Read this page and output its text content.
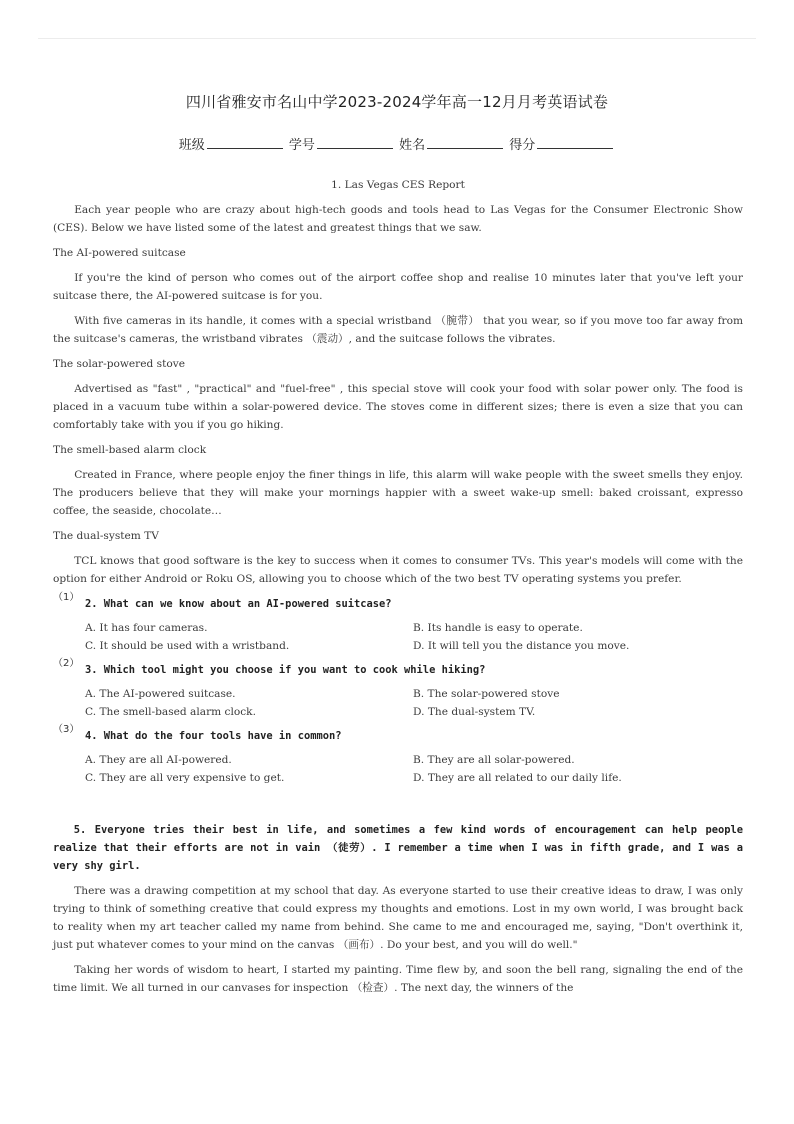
四川省雅安市名山中学2023-2024学年高一12月月考英语试卷
班级	学号	姓名	得分
1. Las Vegas CES Report
Each year people who are crazy about high-tech goods and tools head to Las Vegas for the Consumer Electronic Show (CES). Below we have listed some of the latest and greatest things that we saw.
The AI-powered suitcase
If you're the kind of person who comes out of the airport coffee shop and realise 10 minutes later that you've left your suitcase there, the AI-powered suitcase is for you.
With five cameras in its handle, it comes with a special wristband （腕带） that you wear, so if you move too far away from the suitcase's cameras, the wristband vibrates （震动）, and the suitcase follows the vibrates.
The solar-powered stove
Advertised as "fast" , "practical" and "fuel-free" , this special stove will cook your food with solar power only. The food is placed in a vacuum tube within a solar-powered device. The stoves come in different sizes; there is even a size that you can comfortably take with you if you go hiking.
The smell-based alarm clock
Created in France, where people enjoy the finer things in life, this alarm will wake people with the sweet smells they enjoy. The producers believe that they will make your mornings happier with a sweet wake-up smell: baked croissant, expresso coffee, the seaside, chocolate…
The dual-system TV
TCL knows that good software is the key to success when it comes to consumer TVs. This year's models will come with the option for either Android or Roku OS, allowing you to choose which of the two best TV operating systems you prefer.
（1）
2. What can we know about an AI-powered suitcase?
A. It has four cameras.	B. Its handle is easy to operate.
C. It should be used with a wristband.	D. It will tell you the distance you move.
（2）
3. Which tool might you choose if you want to cook while hiking?
A. The AI-powered suitcase.	B. The solar-powered stove
C. The smell-based alarm clock.	D. The dual-system TV.
（3）
4. What do the four tools have in common?
A. They are all AI-powered.	B. They are all solar-powered.
C. They are all very expensive to get.	D. They are all related to our daily life.
5. Everyone tries their best in life, and sometimes a few kind words of encouragement can help people realize that their efforts are not in vain （徒劳）. I remember a time when I was in fifth grade, and I was a very shy girl.
There was a drawing competition at my school that day. As everyone started to use their creative ideas to draw, I was only trying to think of something creative that could express my thoughts and emotions. Lost in my own world, I was brought back to reality when my art teacher called my name from behind. She came to me and encouraged me, saying, "Don't overthink it, just put whatever comes to your mind on the canvas （画布）. Do your best, and you will do well."
Taking her words of wisdom to heart, I started my painting. Time flew by, and soon the bell rang, signaling the end of the time limit. We all turned in our canvases for inspection （检查）. The next day, the winners of the
